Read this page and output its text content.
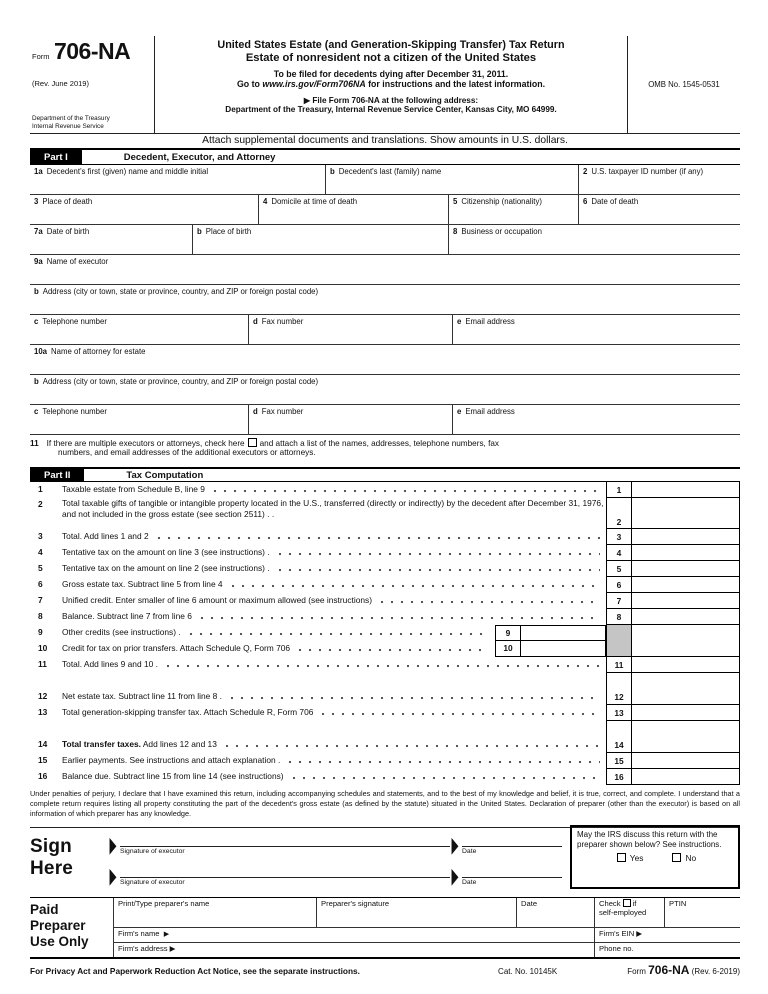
Form 706-NA
(Rev. June 2019)
Department of the Treasury
Internal Revenue Service
United States Estate (and Generation-Skipping Transfer) Tax Return
Estate of nonresident not a citizen of the United States
To be filed for decedents dying after December 31, 2011.
Go to www.irs.gov/Form706NA for instructions and the latest information.
▶ File Form 706-NA at the following address:
Department of the Treasury, Internal Revenue Service Center, Kansas City, MO 64999.
OMB No. 1545-0531
Attach supplemental documents and translations. Show amounts in U.S. dollars.
Part I	Decedent, Executor, and Attorney
1a Decedent's first (given) name and middle initial	b Decedent's last (family) name	2 U.S. taxpayer ID number (if any)
3 Place of death	4 Domicile at time of death	5 Citizenship (nationality)	6 Date of death
7a Date of birth	b Place of birth	8 Business or occupation
9a Name of executor
b Address (city or town, state or province, country, and ZIP or foreign postal code)
c Telephone number	d Fax number	e Email address
10a Name of attorney for estate
b Address (city or town, state or province, country, and ZIP or foreign postal code)
c Telephone number	d Fax number	e Email address
11 If there are multiple executors or attorneys, check here and attach a list of the names, addresses, telephone numbers, fax
numbers, and email addresses of the additional executors or attorneys.
Part II	Tax Computation
1	Taxable estate from Schedule B, line 9	1
2	Total taxable gifts of tangible or intangible property located in the U.S., transferred (directly or indirectly) by the decedent after December 31, 1976, and not included in the gross estate (see section 2511) . .
2
3	Total. Add lines 1 and 2	3
4	Tentative tax on the amount on line 3 (see instructions) .	4
5	Tentative tax on the amount on line 2 (see instructions) .	5
6	Gross estate tax. Subtract line 5 from line 4	6
7	Unified credit. Enter smaller of line 6 amount or maximum allowed (see instructions)	7
8	Balance. Subtract line 7 from line 6	8
9	Other credits (see instructions) .	9
10	Credit for tax on prior transfers. Attach Schedule Q, Form 706	10
11	Total. Add lines 9 and 10 .	11
12	Net estate tax. Subtract line 11 from line 8 .	12
13	Total generation-skipping transfer tax. Attach Schedule R, Form 706	13
14	Total transfer taxes. Add lines 12 and 13	14
15	Earlier payments. See instructions and attach explanation .	15
16	Balance due. Subtract line 15 from line 14 (see instructions)	16
Under penalties of perjury, I declare that I have examined this return, including accompanying schedules and statements, and to the best of my knowledge and belief, it is true, correct, and complete. I understand that a complete return requires listing all property constituting the part of the decedent's gross estate (as defined by the statute) situated in the United States. Declaration of preparer (other than the executor) is based on all information of which preparer has any knowledge.
Sign
Here
▶ Signature of executor	▶ Date
▶ Signature of executor	▶ Date
May the IRS discuss this return with the preparer shown below? See instructions.
Yes	No
Paid
Preparer
Use Only
Print/Type preparer's name	Preparer's signature	Date	Check if
self-employed
PTIN
Firm's name ▶	Firm's EIN ▶
Firm's address ▶	Phone no.
For Privacy Act and Paperwork Reduction Act Notice, see the separate instructions.	Cat. No. 10145K	Form 706-NA (Rev. 6-2019)
